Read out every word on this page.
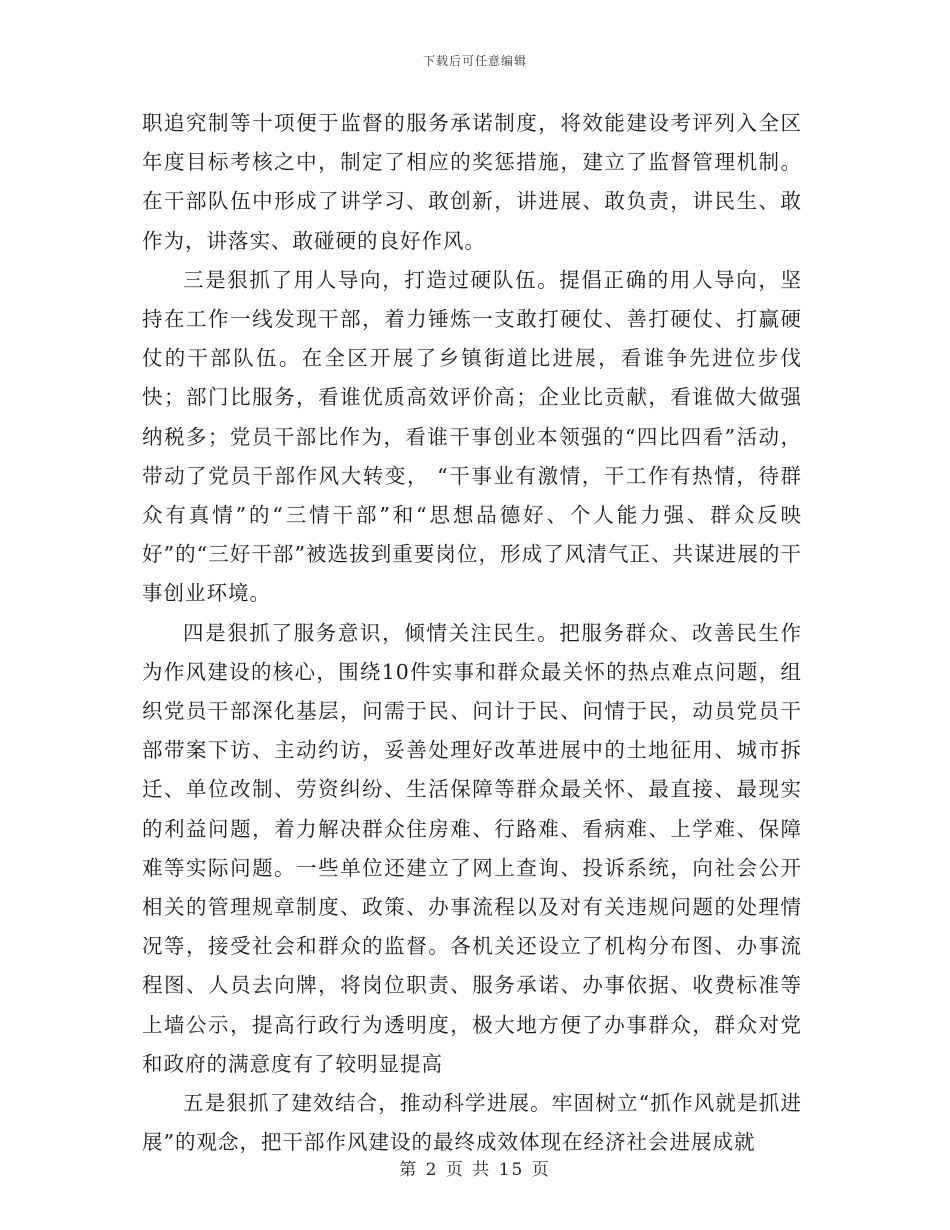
下载后可任意编辑

职追究制等十项便于监督的服务承诺制度，将效能建设考评列入全区年度目标考核之中，制定了相应的奖惩措施，建立了监督管理机制。在干部队伍中形成了讲学习、敢创新，讲进展、敢负责，讲民生、敢作为，讲落实、敢碰硬的良好作风。

三是狠抓了用人导向，打造过硬队伍。提倡正确的用人导向，坚持在工作一线发现干部，着力锤炼一支敢打硬仗、善打硬仗、打赢硬仗的干部队伍。在全区开展了乡镇街道比进展，看谁争先进位步伐快；部门比服务，看谁优质高效评价高；企业比贡献，看谁做大做强纳税多；党员干部比作为，看谁干事创业本领强的“四比四看”活动，带动了党员干部作风大转变， “干事业有激情，干工作有热情，待群众有真情”的“三情干部”和“思想品德好、个人能力强、群众反映好”的“三好干部”被选拔到重要岗位，形成了风清气正、共谋进展的干事创业环境。

四是狠抓了服务意识，倾情关注民生。把服务群众、改善民生作为作风建设的核心，围绕10件实事和群众最关怀的热点难点问题，组织党员干部深化基层，问需于民、问计于民、问情于民，动员党员干部带案下访、主动约访，妥善处理好改革进展中的土地征用、城市拆迁、单位改制、劳资纠纷、生活保障等群众最关怀、最直接、最现实的利益问题，着力解决群众住房难、行路难、看病难、上学难、保障难等实际问题。一些单位还建立了网上查询、投诉系统，向社会公开相关的管理规章制度、政策、办事流程以及对有关违规问题的处理情况等，接受社会和群众的监督。各机关还设立了机构分布图、办事流程图、人员去向牌，将岗位职责、服务承诺、办事依据、收费标准等上墙公示，提高行政行为透明度，极大地方便了办事群众，群众对党和政府的满意度有了较明显提高

五是狠抓了建效结合，推动科学进展。牢固树立“抓作风就是抓进展”的观念，把干部作风建设的最终成效体现在经济社会进展成就

第 2 页 共 15 页
